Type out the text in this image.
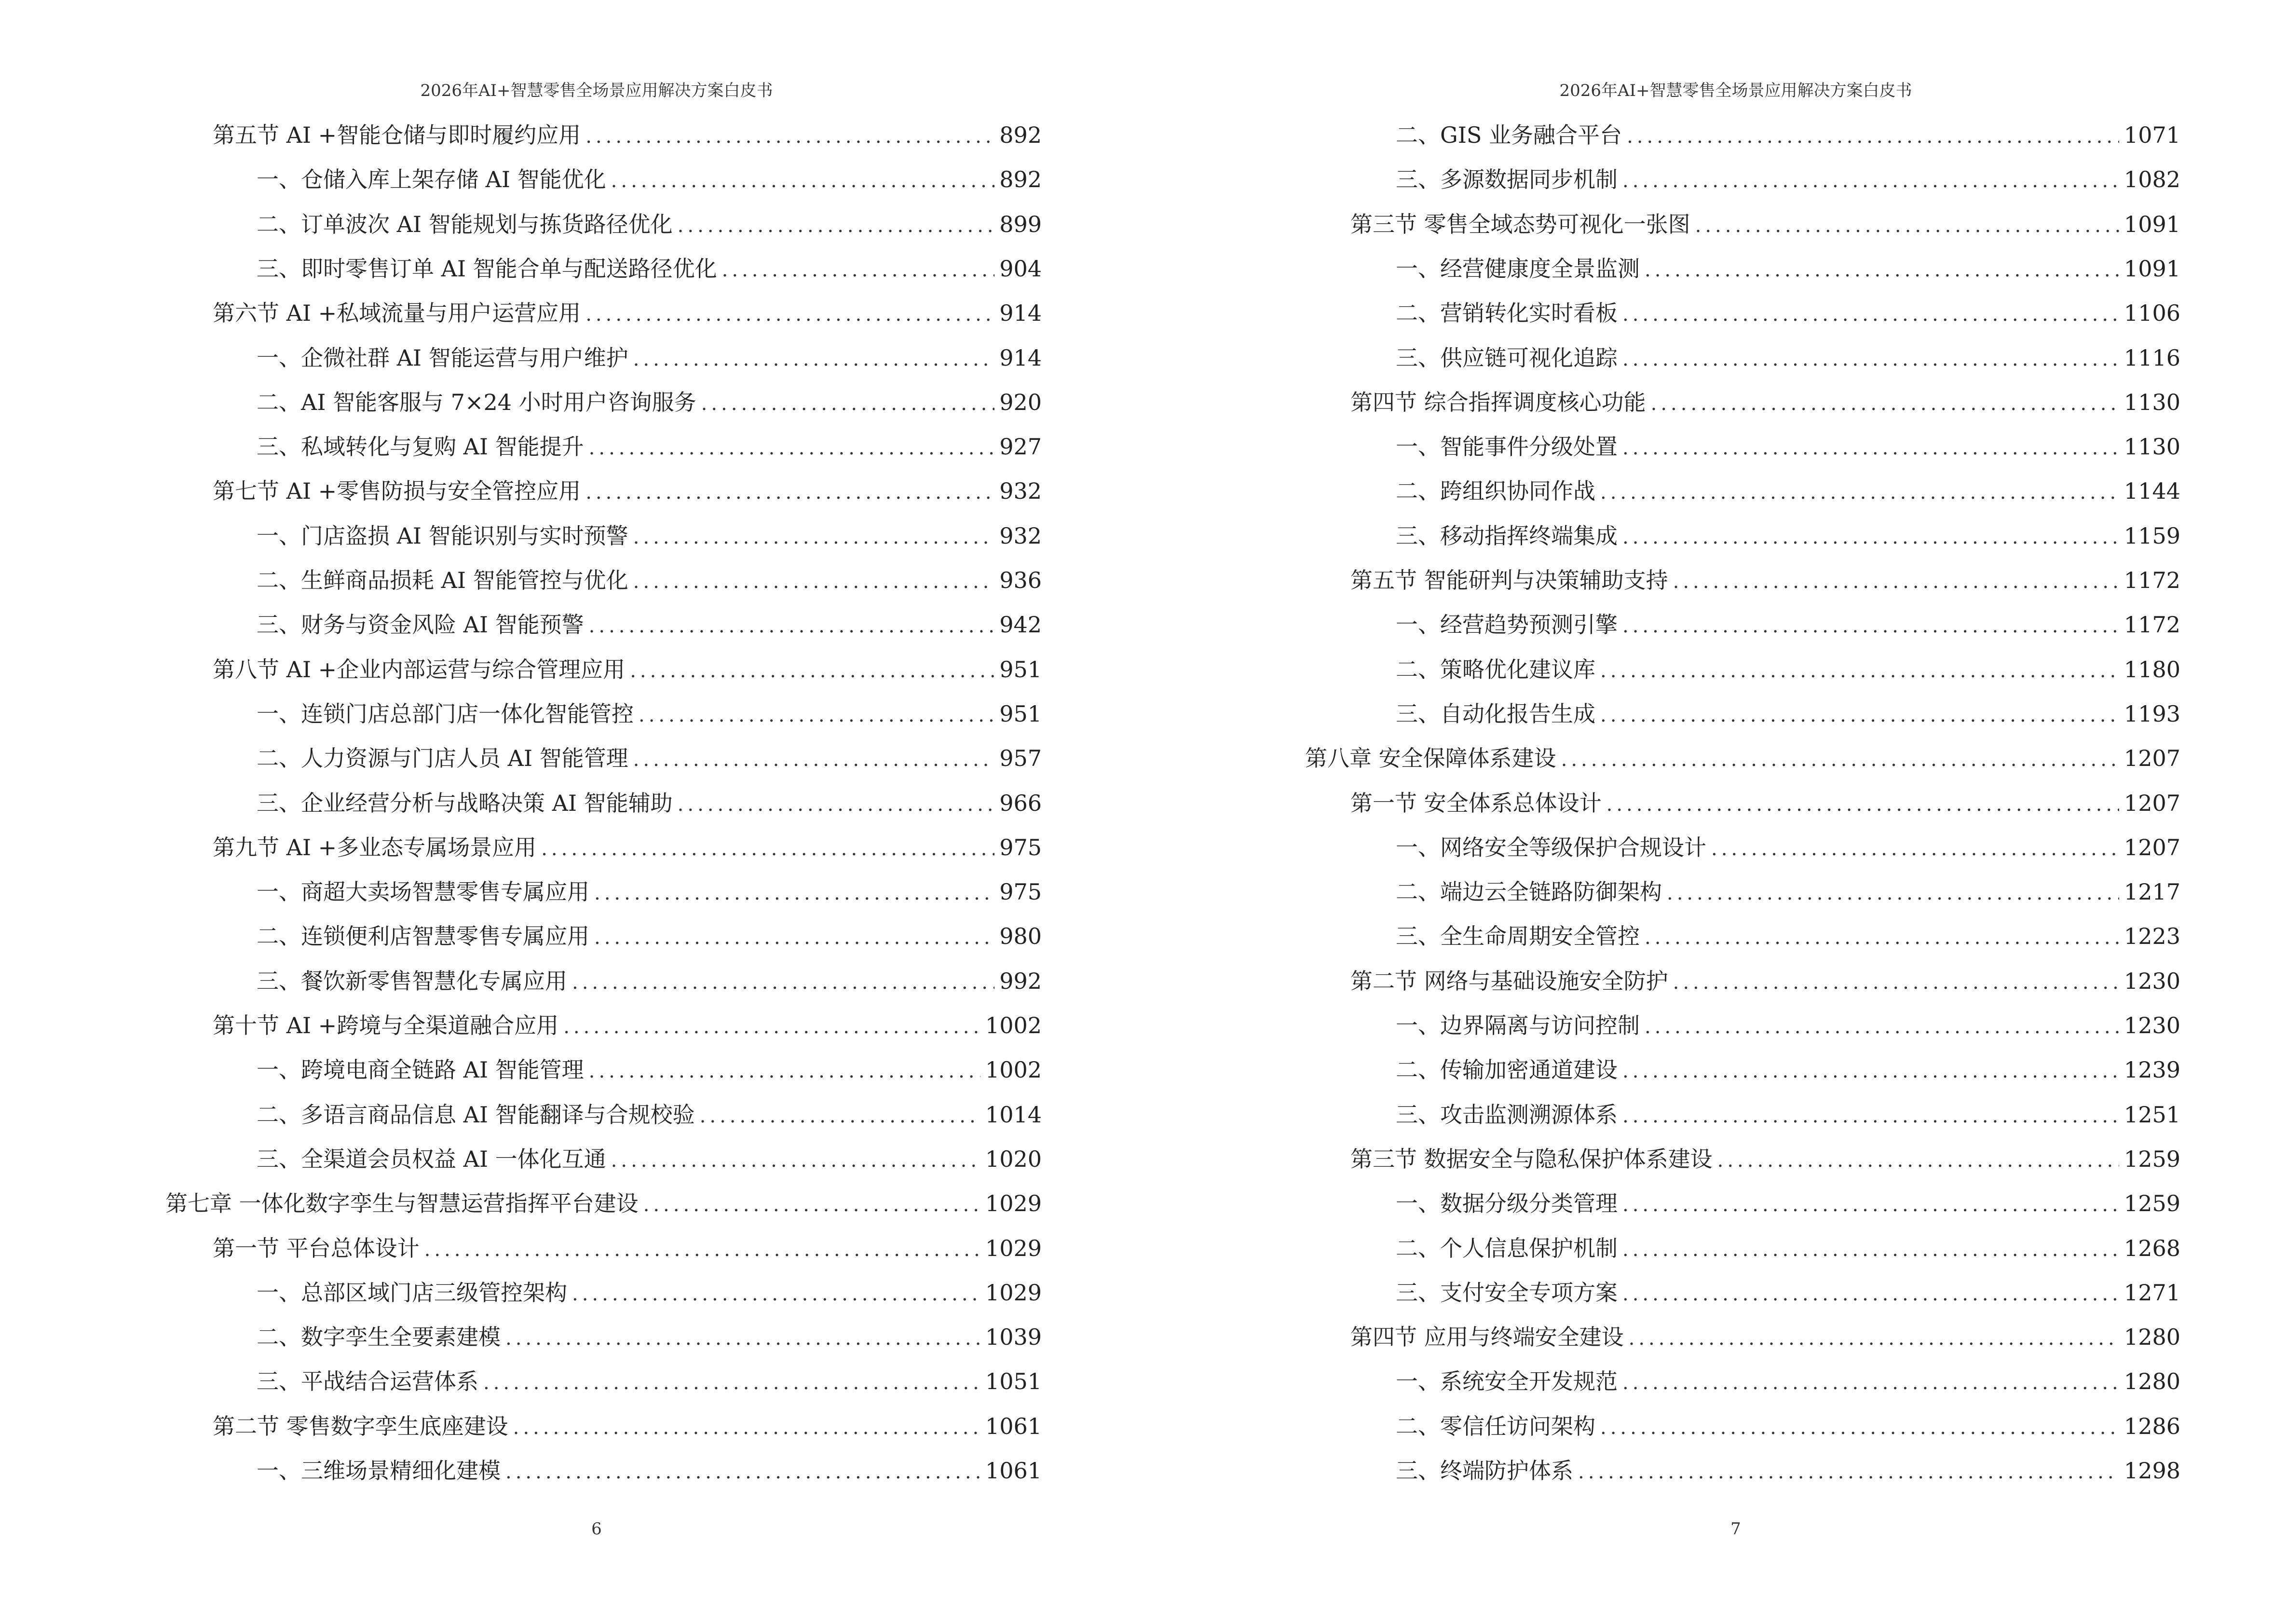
2026年AI+智慧零售全场景应用解决方案白皮书
第五节 AI +智能仓储与即时履约应用 .....	892
一、仓储入库上架存储 AI 智能优化 .....	892
二、订单波次 AI 智能规划与拣货路径优化 .....	899
三、即时零售订单 AI 智能合单与配送路径优化 .....	904
第六节 AI +私域流量与用户运营应用 .....	914
一、企微社群 AI 智能运营与用户维护 .....	914
二、AI 智能客服与 7×24 小时用户咨询服务 .....	920
三、私域转化与复购 AI 智能提升 .....	927
第七节 AI +零售防损与安全管控应用 .....	932
一、门店盗损 AI 智能识别与实时预警 .....	932
二、生鲜商品损耗 AI 智能管控与优化 .....	936
三、财务与资金风险 AI 智能预警 .....	942
第八节 AI +企业内部运营与综合管理应用 .....	951
一、连锁门店总部门店一体化智能管控 .....	951
二、人力资源与门店人员 AI 智能管理 .....	957
三、企业经营分析与战略决策 AI 智能辅助 .....	966
第九节 AI +多业态专属场景应用 .....	975
一、商超大卖场智慧零售专属应用 .....	975
二、连锁便利店智慧零售专属应用 .....	980
三、餐饮新零售智慧化专属应用 .....	992
第十节 AI +跨境与全渠道融合应用 .....	1002
一、跨境电商全链路 AI 智能管理 .....	1002
二、多语言商品信息 AI 智能翻译与合规校验 .....	1014
三、全渠道会员权益 AI 一体化互通 .....	1020
第七章 一体化数字孪生与智慧运营指挥平台建设 .....	1029
第一节 平台总体设计 .....	1029
一、总部区域门店三级管控架构 .....	1029
二、数字孪生全要素建模 .....	1039
三、平战结合运营体系 .....	1051
第二节 零售数字孪生底座建设 .....	1061
一、三维场景精细化建模 .....	1061
6
2026年AI+智慧零售全场景应用解决方案白皮书
二、GIS 业务融合平台 .....	1071
三、多源数据同步机制 .....	1082
第三节 零售全域态势可视化一张图 .....	1091
一、经营健康度全景监测 .....	1091
二、营销转化实时看板 .....	1106
三、供应链可视化追踪 .....	1116
第四节 综合指挥调度核心功能 .....	1130
一、智能事件分级处置 .....	1130
二、跨组织协同作战 .....	1144
三、移动指挥终端集成 .....	1159
第五节 智能研判与决策辅助支持 .....	1172
一、经营趋势预测引擎 .....	1172
二、策略优化建议库 .....	1180
三、自动化报告生成 .....	1193
第八章 安全保障体系建设 .....	1207
第一节 安全体系总体设计 .....	1207
一、网络安全等级保护合规设计 .....	1207
二、端边云全链路防御架构 .....	1217
三、全生命周期安全管控 .....	1223
第二节 网络与基础设施安全防护 .....	1230
一、边界隔离与访问控制 .....	1230
二、传输加密通道建设 .....	1239
三、攻击监测溯源体系 .....	1251
第三节 数据安全与隐私保护体系建设 .....	1259
一、数据分级分类管理 .....	1259
二、个人信息保护机制 .....	1268
三、支付安全专项方案 .....	1271
第四节 应用与终端安全建设 .....	1280
一、系统安全开发规范 .....	1280
二、零信任访问架构 .....	1286
三、终端防护体系 .....	1298
7
